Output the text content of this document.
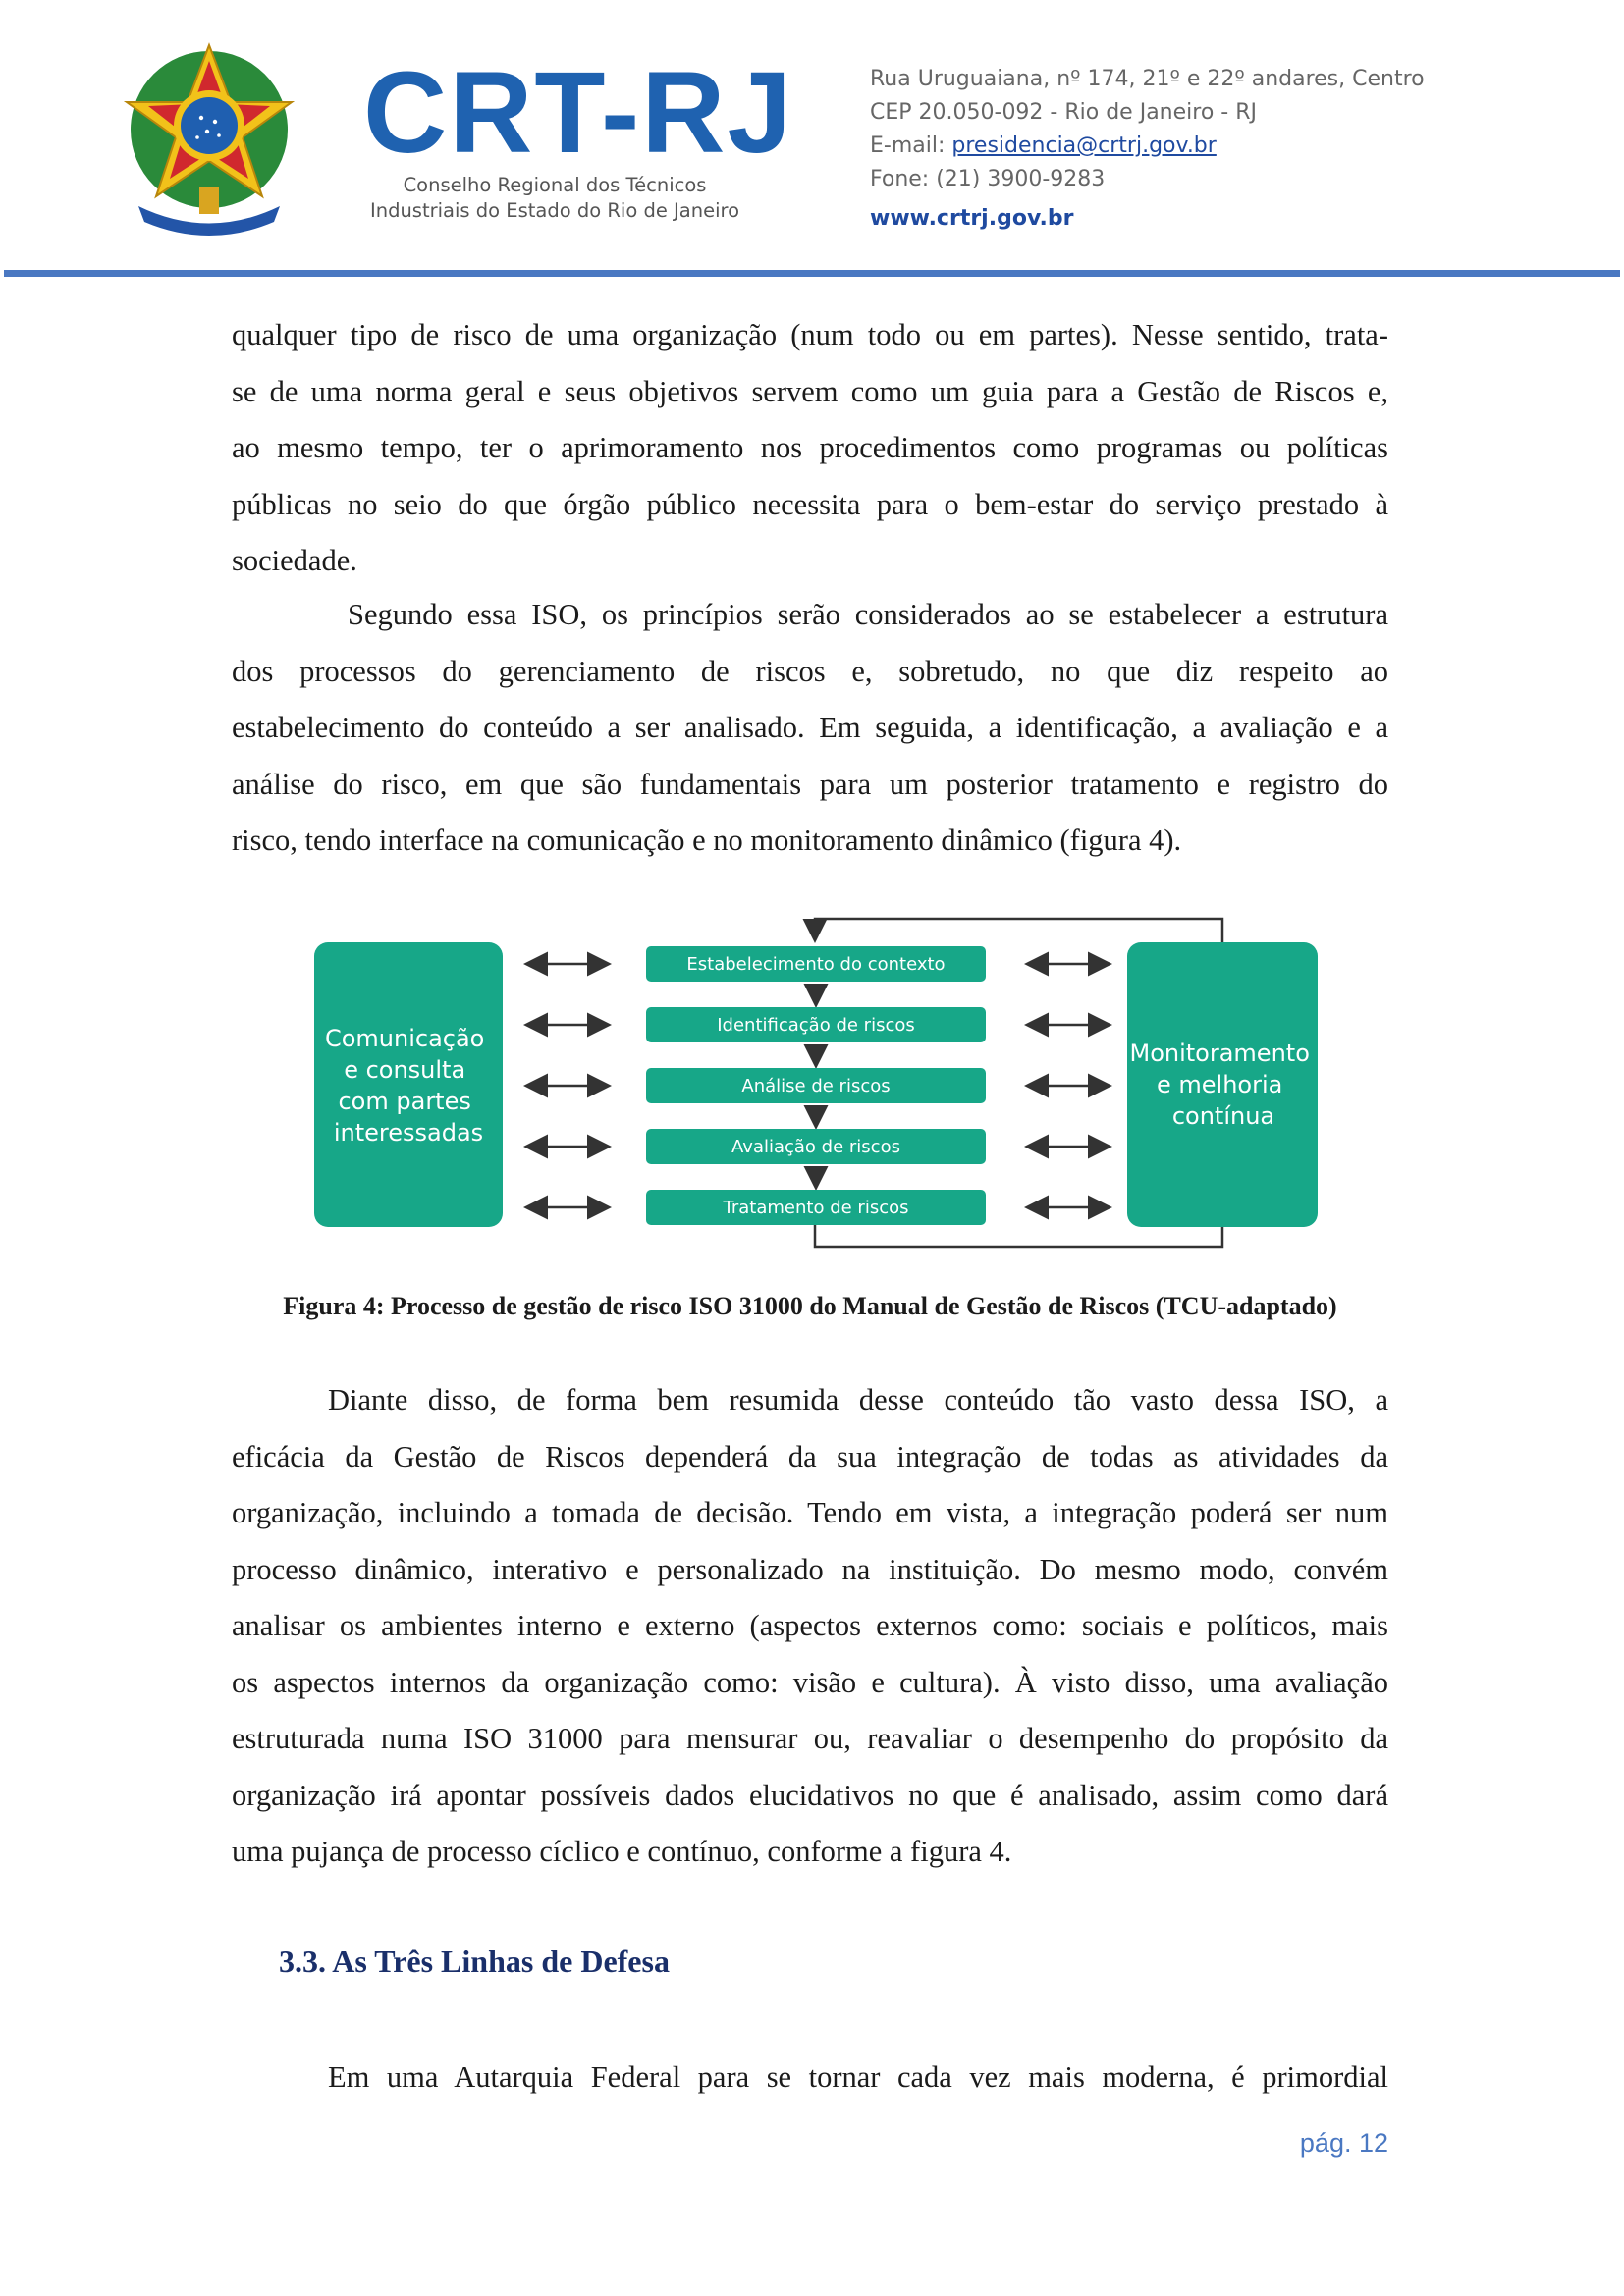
CRT-RJ
Conselho Regional dos Técnicos
Industriais do Estado do Rio de Janeiro
Rua Uruguaiana, nº 174, 21º e 22º andares, Centro
CEP 20.050-092 - Rio de Janeiro - RJ
E-mail: presidencia@crtrj.gov.br
Fone: (21) 3900-9283
www.crtrj.gov.br
qualquer tipo de risco de uma organização (num todo ou em partes). Nesse sentido, trata-
se de uma norma geral e seus objetivos servem como um guia para a Gestão de Riscos e,
ao mesmo tempo, ter o aprimoramento nos procedimentos como programas ou políticas
públicas no seio do que órgão público necessita para o bem-estar do serviço prestado à
sociedade.
Segundo essa ISO, os princípios serão considerados ao se estabelecer a estrutura
dos processos do gerenciamento de riscos e, sobretudo, no que diz respeito ao
estabelecimento do conteúdo a ser analisado. Em seguida, a identificação, a avaliação e a
análise do risco, em que são fundamentais para um posterior tratamento e registro do
risco, tendo interface na comunicação e no monitoramento dinâmico (figura 4).
Comunicação e consulta com partes interessadas
Monitoramento e melhoria contínua
Estabelecimento do contexto
Identificação de riscos
Análise de riscos
Avaliação de riscos
Tratamento de riscos
Figura 4: Processo de gestão de risco ISO 31000 do Manual de Gestão de Riscos (TCU-adaptado)
Diante disso, de forma bem resumida desse conteúdo tão vasto dessa ISO, a
eficácia da Gestão de Riscos dependerá da sua integração de todas as atividades da
organização, incluindo a tomada de decisão. Tendo em vista, a integração poderá ser num
processo dinâmico, interativo e personalizado na instituição. Do mesmo modo, convém
analisar os ambientes interno e externo (aspectos externos como: sociais e políticos, mais
os aspectos internos da organização como: visão e cultura). À visto disso, uma avaliação
estruturada numa ISO 31000 para mensurar ou, reavaliar o desempenho do propósito da
organização irá apontar possíveis dados elucidativos no que é analisado, assim como dará
uma pujança de processo cíclico e contínuo, conforme a figura 4.
3.3. As Três Linhas de Defesa
Em uma Autarquia Federal para se tornar cada vez mais moderna, é primordial
pág. 12
